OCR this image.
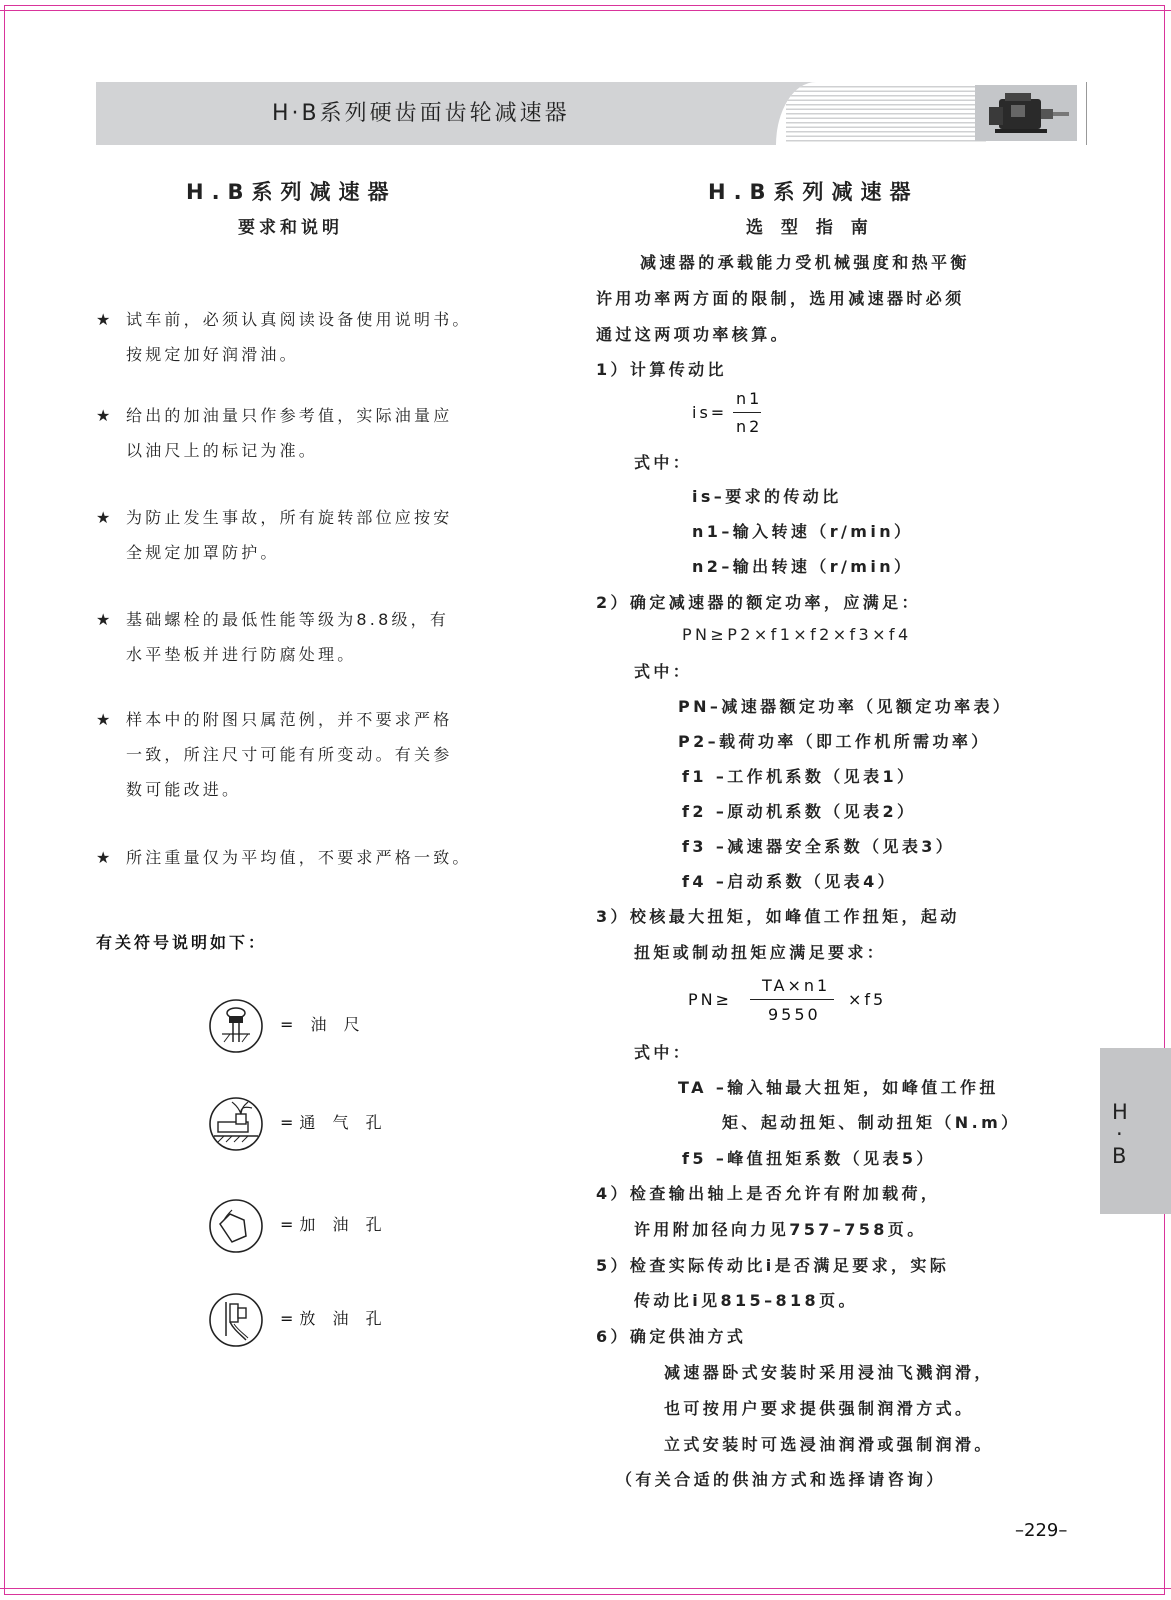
H·B系列硬齿面齿轮减速器
H.B系列减速器
要求和说明
★ 试车前，必须认真阅读设备使用说明书。
按规定加好润滑油。
★ 给出的加油量只作参考值，实际油量应
以油尺上的标记为准。
★ 为防止发生事故，所有旋转部位应按安
全规定加罩防护。
★ 基础螺栓的最低性能等级为8.8级，有
水平垫板并进行防腐处理。
★ 样本中的附图只属范例，并不要求严格
一致，所注尺寸可能有所变动。有关参
数可能改进。
★ 所注重量仅为平均值，不要求严格一致。
有关符号说明如下：
= 油 尺
=通 气 孔
=加 油 孔
=放 油 孔
H.B系列减速器
选 型 指 南
减速器的承载能力受机械强度和热平衡
许用功率两方面的限制，选用减速器时必须
通过这两项功率核算。
1）计算传动比
is=
n1
n2
式中：
is–要求的传动比
n1–输入转速（r/min）
n2–输出转速（r/min）
2）确定减速器的额定功率，应满足：
PN≥P2×f1×f2×f3×f4
式中：
PN–减速器额定功率（见额定功率表）
P2–载荷功率（即工作机所需功率）
f1 –工作机系数（见表1）
f2 –原动机系数（见表2）
f3 –减速器安全系数（见表3）
f4 –启动系数（见表4）
3）校核最大扭矩，如峰值工作扭矩，起动
扭矩或制动扭矩应满足要求：
PN≥
TA×n1
9550
×f5
式中：
TA –输入轴最大扭矩，如峰值工作扭
矩、起动扭矩、制动扭矩（N.m）
f5 –峰值扭矩系数（见表5）
4）检查输出轴上是否允许有附加载荷，
许用附加径向力见757–758页。
5）检查实际传动比i是否满足要求，实际
传动比i见815–818页。
6）确定供油方式
减速器卧式安装时采用浸油飞溅润滑，
也可按用户要求提供强制润滑方式。
立式安装时可选浸油润滑或强制润滑。
（有关合适的供油方式和选择请咨询）
H
·
B
–229–
